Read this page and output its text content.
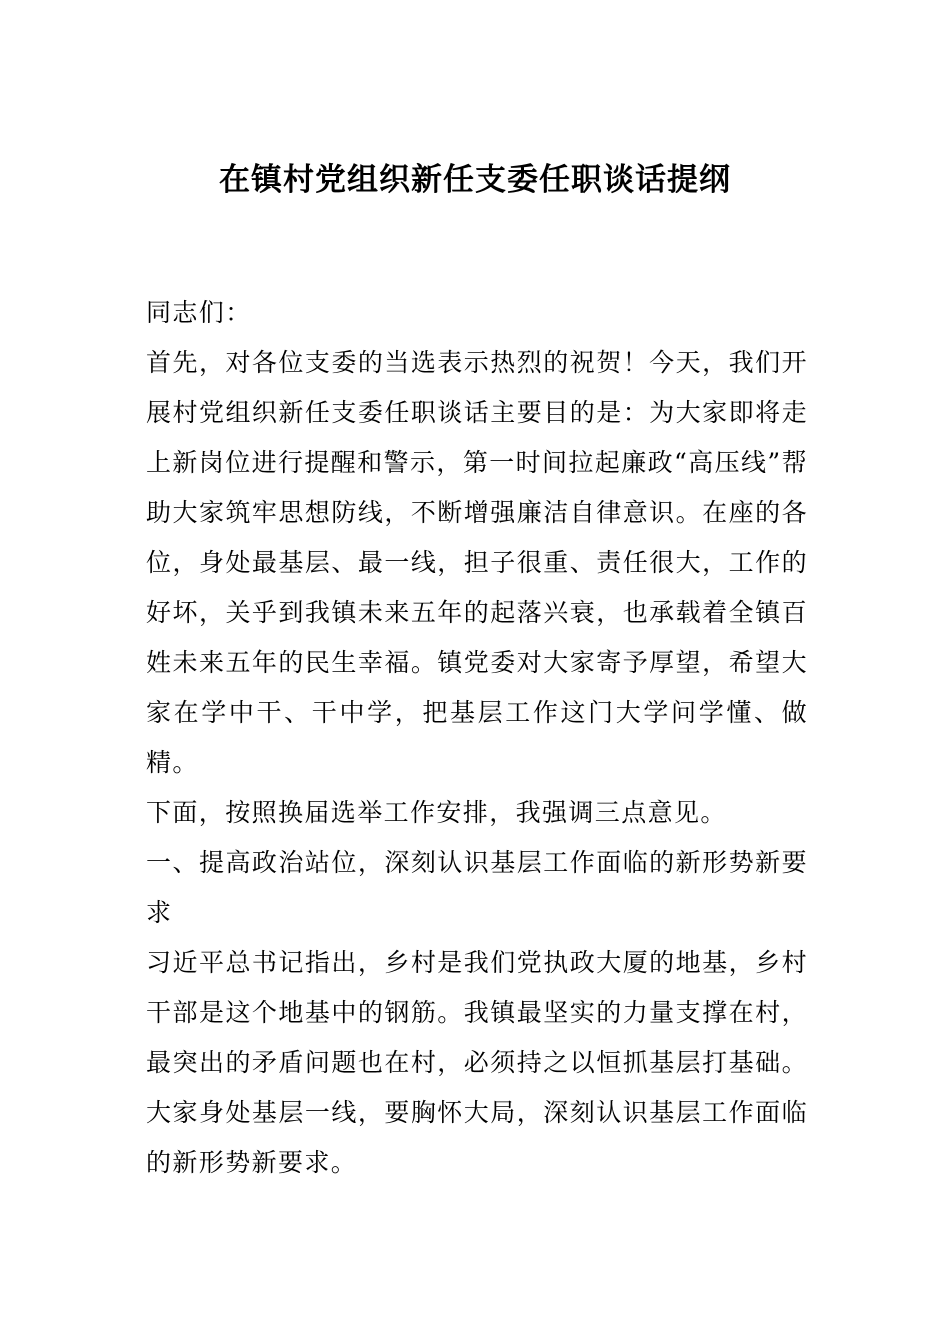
在镇村党组织新任支委任职谈话提纲

同志们：

首先，对各位支委的当选表示热烈的祝贺！今天，我们开展村党组织新任支委任职谈话主要目的是：为大家即将走上新岗位进行提醒和警示，第一时间拉起廉政“高压线”帮助大家筑牢思想防线，不断增强廉洁自律意识。在座的各位，身处最基层、最一线，担子很重、责任很大，工作的好坏，关乎到我镇未来五年的起落兴衰，也承载着全镇百姓未来五年的民生幸福。镇党委对大家寄予厚望，希望大家在学中干、干中学，把基层工作这门大学问学懂、做精。

下面，按照换届选举工作安排，我强调三点意见。

一、提高政治站位，深刻认识基层工作面临的新形势新要求

习近平总书记指出，乡村是我们党执政大厦的地基，乡村干部是这个地基中的钢筋。我镇最坚实的力量支撑在村，最突出的矛盾问题也在村，必须持之以恒抓基层打基础。大家身处基层一线，要胸怀大局，深刻认识基层工作面临的新形势新要求。
